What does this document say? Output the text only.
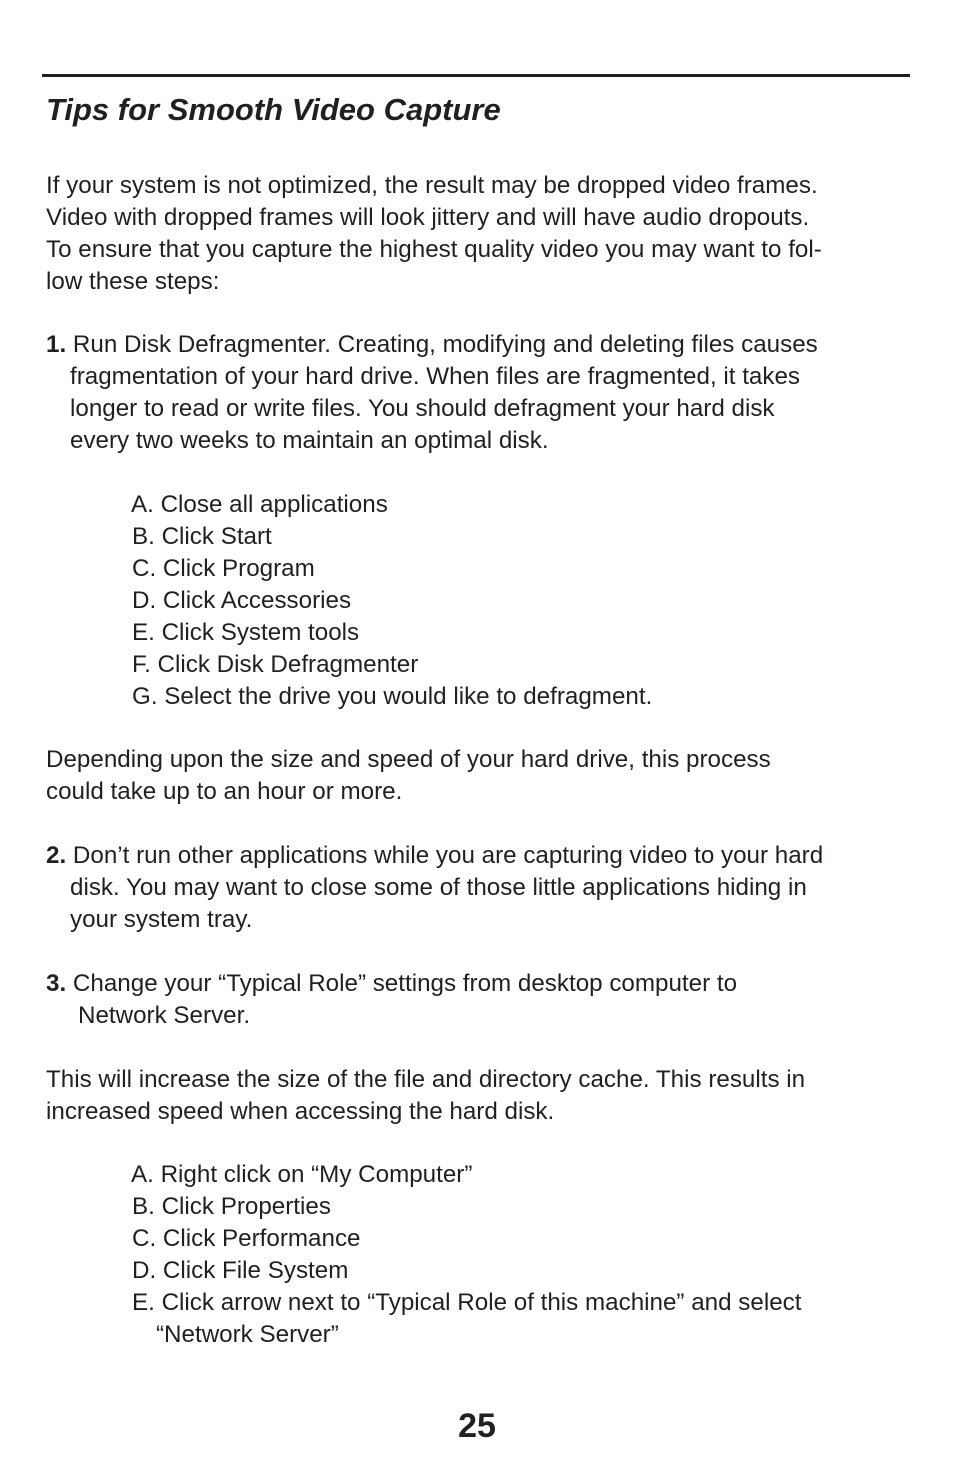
Tips for Smooth Video Capture

If your system is not optimized, the result may be dropped video frames.
Video with dropped frames will look jittery and will have audio dropouts.
To ensure that you capture the highest quality video you may want to fol-
low these steps:

1. Run Disk Defragmenter. Creating, modifying and deleting files causes
fragmentation of your hard drive. When files are fragmented, it takes
longer to read or write files. You should defragment your hard disk
every two weeks to maintain an optimal disk.

A. Close all applications
B. Click Start
C. Click Program
D. Click Accessories
E. Click System tools
F. Click Disk Defragmenter
G. Select the drive you would like to defragment.

Depending upon the size and speed of your hard drive, this process
could take up to an hour or more.

2. Don’t run other applications while you are capturing video to your hard
disk. You may want to close some of those little applications hiding in
your system tray.

3. Change your “Typical Role” settings from desktop computer to
Network Server.

This will increase the size of the file and directory cache. This results in
increased speed when accessing the hard disk.

A. Right click on “My Computer”
B. Click Properties
C. Click Performance
D. Click File System
E. Click arrow next to “Typical Role of this machine” and select
“Network Server”
25
